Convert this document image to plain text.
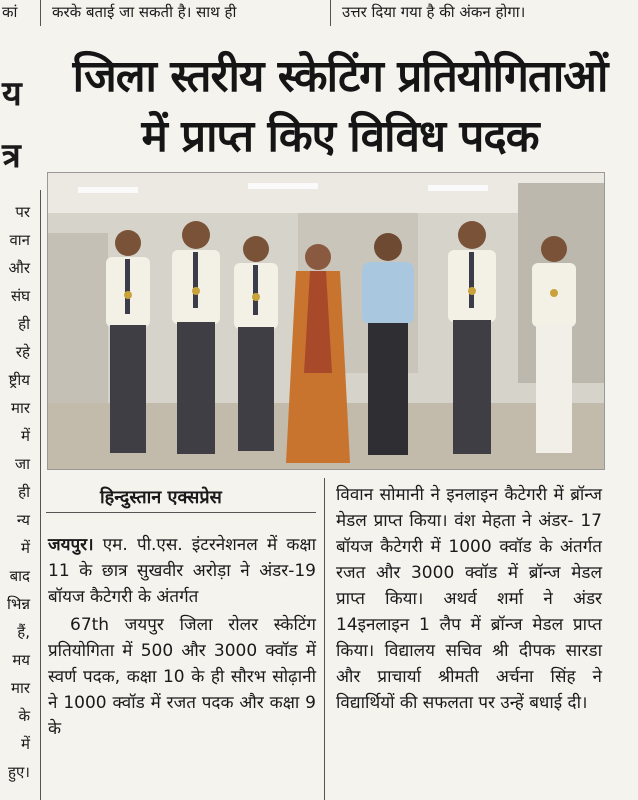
कां करके बताई जा सकती है। साथ ही	उत्तर दिया गया है की अंकन होगा।
य
त्र
पर
वान
और
संघ
ही
रहे
ष्ट्रीय
मार
में
जा
ही
न्य
में
बाद
भिन्न
हैं,
मय
मार
के
में
हुए।
जिला स्तरीय स्केटिंग प्रतियोगिताओं
में प्राप्त किए विविध पदक
हिन्दुस्तान एक्सप्रेस

जयपुर। एम. पी.एस. इंटरनेशनल में कक्षा 11 के छात्र सुखवीर अरोड़ा ने अंडर-19 बॉयज कैटेगरी के अंतर्गत

67th जयपुर जिला रोलर स्केटिंग प्रतियोगिता में 500 और 3000 क्वॉड में स्वर्ण पदक, कक्षा 10 के ही सौरभ सोढ़ानी ने 1000 क्वॉड में रजत पदक और कक्षा 9 के

विवान सोमानी ने इनलाइन कैटेगरी में ब्रॉन्ज मेडल प्राप्त किया। वंश मेहता ने अंडर- 17 बॉयज कैटेगरी में 1000 क्वॉड के अंतर्गत रजत और 3000 क्वॉड में ब्रॉन्ज मेडल प्राप्त किया। अथर्व शर्मा ने अंडर 14इनलाइन 1 लैप में ब्रॉन्ज मेडल प्राप्त किया। विद्यालय सचिव श्री दीपक सारडा और प्राचार्या श्रीमती अर्चना सिंह ने विद्यार्थियों की सफलता पर उन्हें बधाई दी।
